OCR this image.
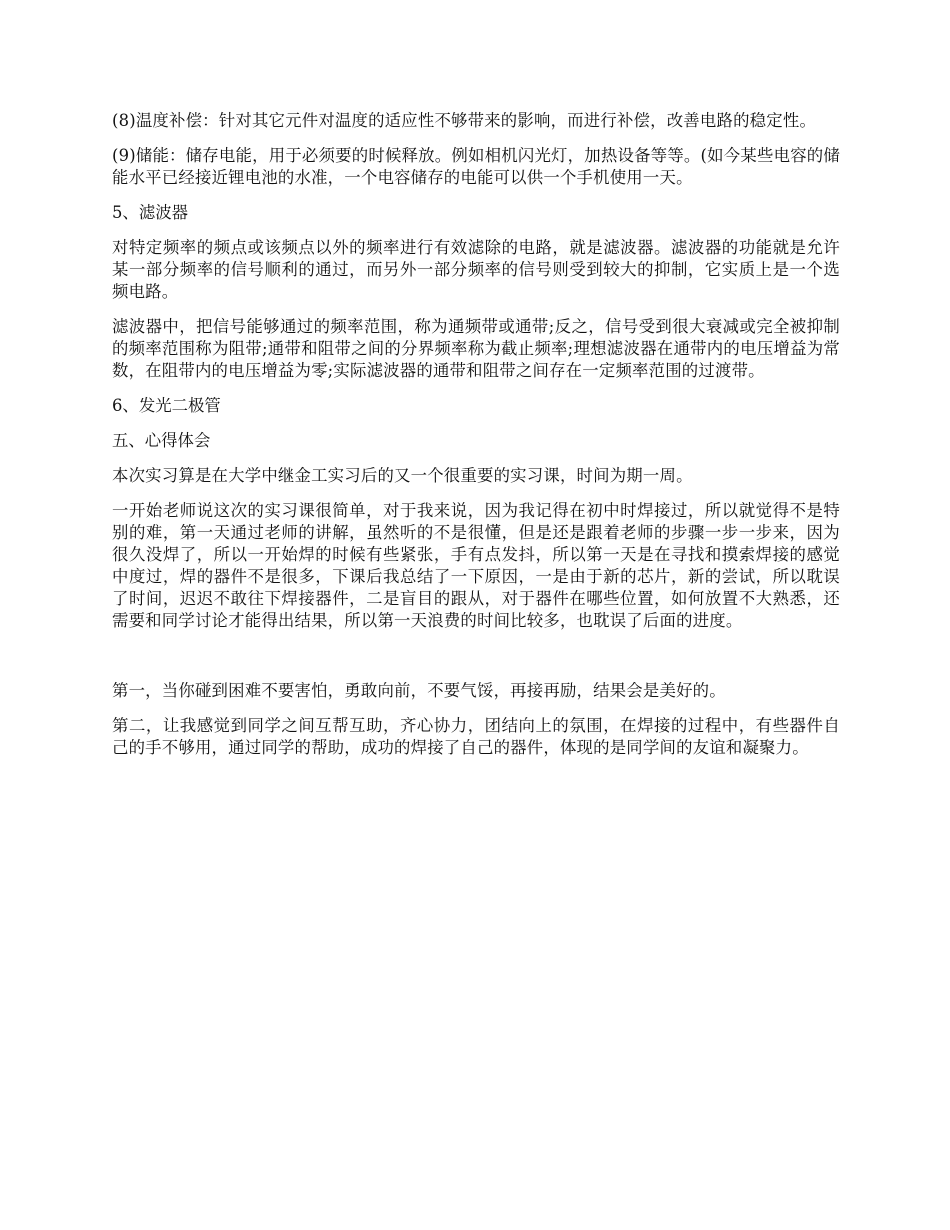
(8)温度补偿：针对其它元件对温度的适应性不够带来的影响，而进行补偿，改善电路的稳定性。

(9)储能：储存电能，用于必须要的时候释放。例如相机闪光灯，加热设备等等。(如今某些电容的储能水平已经接近锂电池的水准，一个电容储存的电能可以供一个手机使用一天。

5、滤波器

对特定频率的频点或该频点以外的频率进行有效滤除的电路，就是滤波器。滤波器的功能就是允许某一部分频率的信号顺利的通过，而另外一部分频率的信号则受到较大的抑制，它实质上是一个选频电路。

滤波器中，把信号能够通过的频率范围，称为通频带或通带;反之，信号受到很大衰减或完全被抑制的频率范围称为阻带;通带和阻带之间的分界频率称为截止频率;理想滤波器在通带内的电压增益为常数，在阻带内的电压增益为零;实际滤波器的通带和阻带之间存在一定频率范围的过渡带。

6、发光二极管

五、心得体会

本次实习算是在大学中继金工实习后的又一个很重要的实习课，时间为期一周。

一开始老师说这次的实习课很简单，对于我来说，因为我记得在初中时焊接过，所以就觉得不是特别的难，第一天通过老师的讲解，虽然听的不是很懂，但是还是跟着老师的步骤一步一步来，因为很久没焊了，所以一开始焊的时候有些紧张，手有点发抖，所以第一天是在寻找和摸索焊接的感觉中度过，焊的器件不是很多，下课后我总结了一下原因，一是由于新的芯片，新的尝试，所以耽误了时间，迟迟不敢往下焊接器件，二是盲目的跟从，对于器件在哪些位置，如何放置不大熟悉，还需要和同学讨论才能得出结果，所以第一天浪费的时间比较多，也耽误了后面的进度。

第一，当你碰到困难不要害怕，勇敢向前，不要气馁，再接再励，结果会是美好的。

第二，让我感觉到同学之间互帮互助，齐心协力，团结向上的氛围，在焊接的过程中，有些器件自己的手不够用，通过同学的帮助，成功的焊接了自己的器件，体现的是同学间的友谊和凝聚力。
